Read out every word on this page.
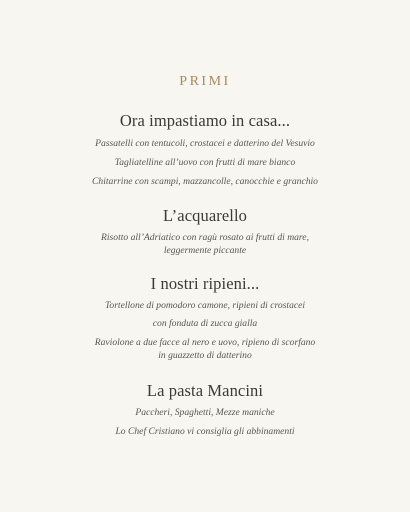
PRIMI
Ora impastiamo in casa...
Passatelli con tentucoli, crostacei e datterino del Vesuvio
Tagliatelline all’uovo con frutti di mare bianco
Chitarrine con scampi, mazzancolle, canocchie e granchio
L’acquarello
Risotto all’Adriatico con ragù rosato ai frutti di mare,
leggermente piccante
I nostri ripieni...
Tortellone di pomodoro camone, ripieni di crostacei
con fonduta di zucca gialla
Raviolone a due facce al nero e uovo, ripieno di scorfano
in guazzetto di datterino
La pasta Mancini
Paccheri, Spaghetti, Mezze maniche
Lo Chef Cristiano vi consiglia gli abbinamenti
